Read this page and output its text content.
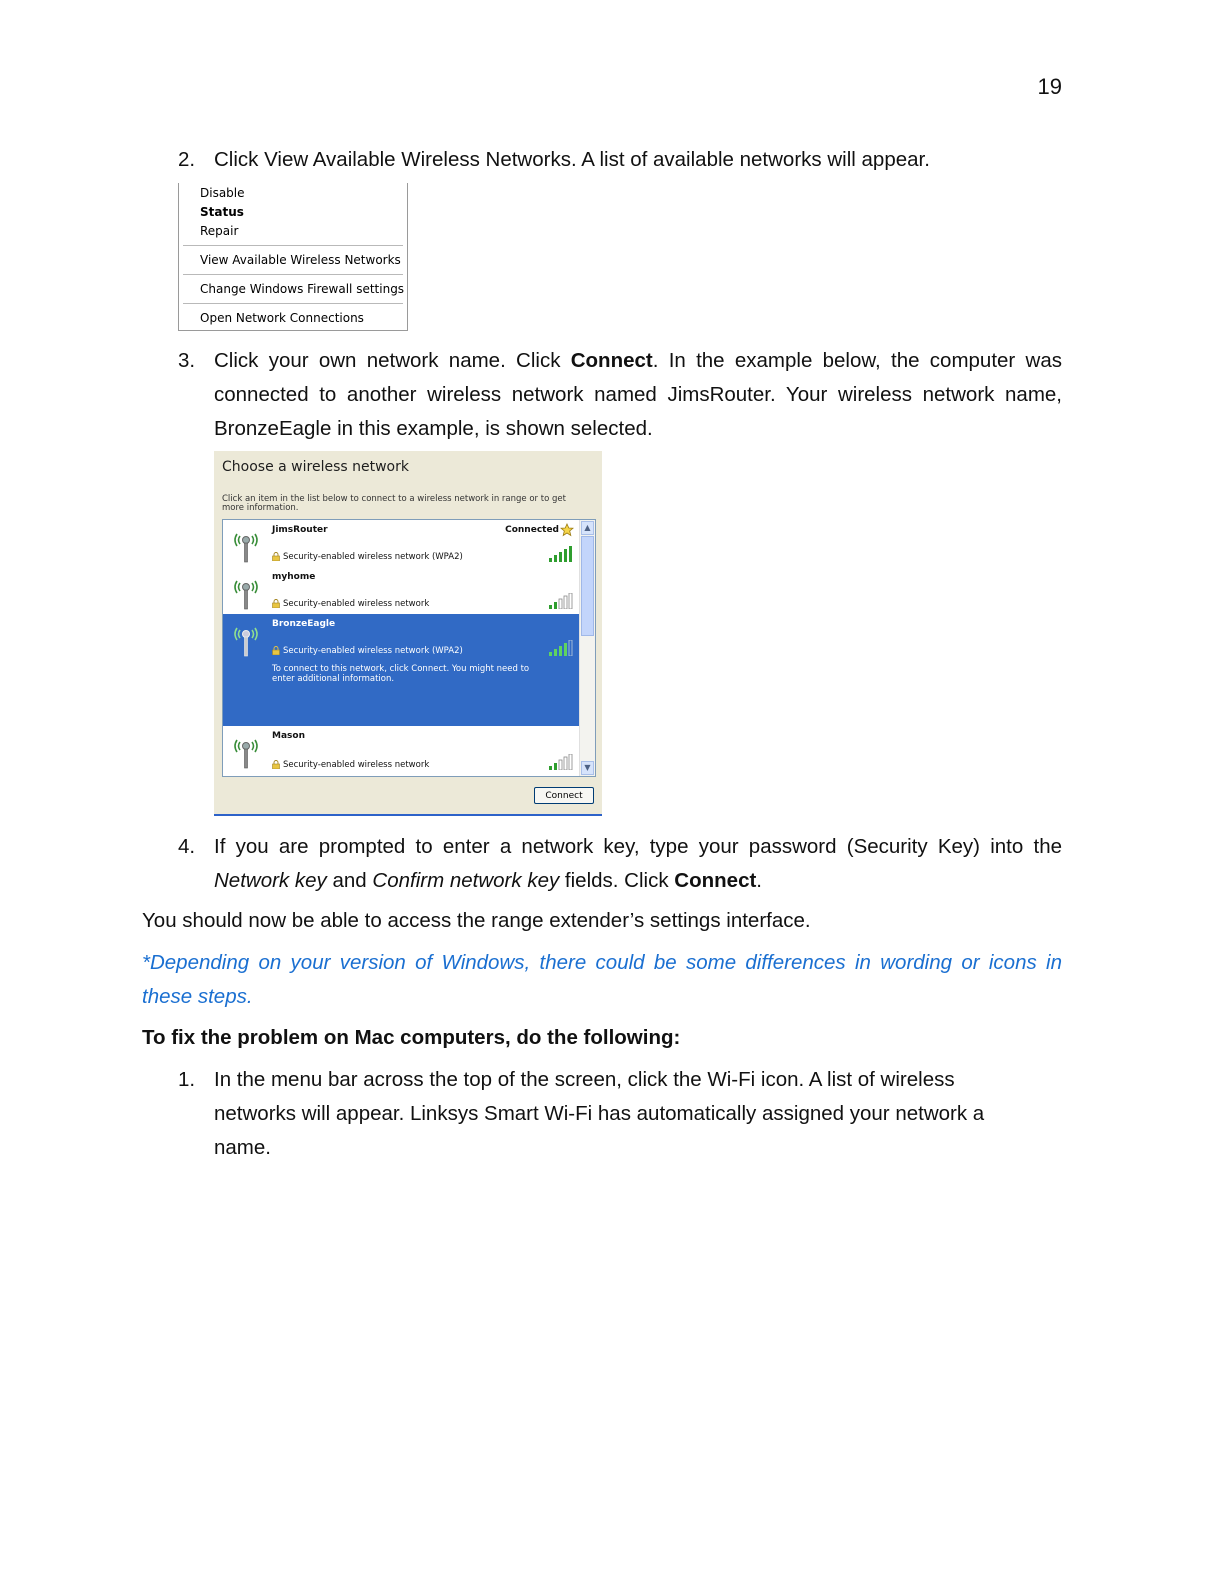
19
2. Click View Available Wireless Networks. A list of available networks will appear.
Disable
Status
Repair
View Available Wireless Networks
Change Windows Firewall settings
Open Network Connections
3. Click your own network name. Click Connect. In the example below, the computer was connected to another wireless network named JimsRouter. Your wireless network name, BronzeEagle in this example, is shown selected.
Choose a wireless network
Click an item in the list below to connect to a wireless network in range or to get more information.
JimsRouter	Connected
Security-enabled wireless network (WPA2)
myhome
Security-enabled wireless network
BronzeEagle
Security-enabled wireless network (WPA2)
To connect to this network, click Connect. You might need to enter additional information.
Mason
Security-enabled wireless network
▲
▼
Connect
4. If you are prompted to enter a network key, type your password (Security Key) into the Network key and Confirm network key fields. Click Connect.
You should now be able to access the range extender’s settings interface.
*Depending on your version of Windows, there could be some differences in wording or icons in these steps.
To fix the problem on Mac computers, do the following:
1. In the menu bar across the top of the screen, click the Wi-Fi icon. A list of wireless networks will appear. Linksys Smart Wi-Fi has automatically assigned your network a name.
